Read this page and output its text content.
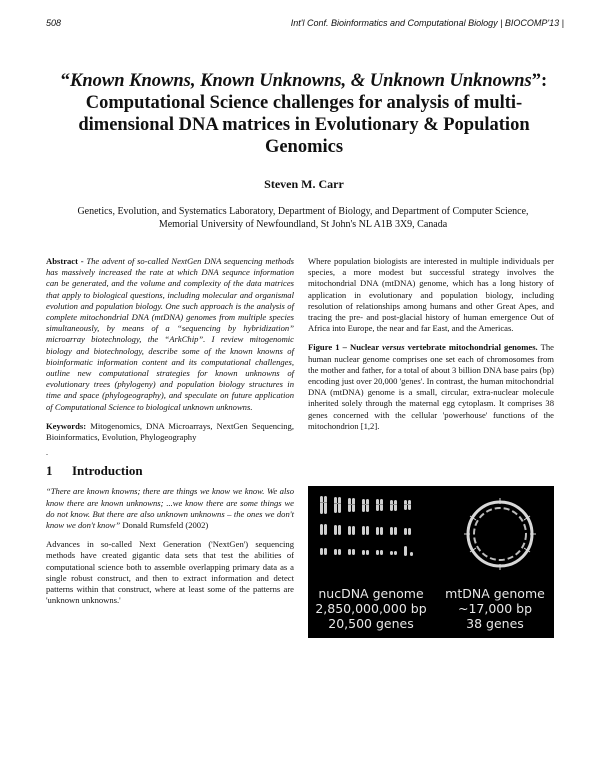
508	Int'l Conf. Bioinformatics and Computational Biology | BIOCOMP'13 |
“Known Knowns, Known Unknowns, & Unknown Unknowns”: Computational Science challenges for analysis of multi-dimensional DNA matrices in Evolutionary & Population Genomics
Steven M. Carr
Genetics, Evolution, and Systematics Laboratory, Department of Biology, and Department of Computer Science, Memorial University of Newfoundland, St John's NL A1B 3X9, Canada
Abstract - The advent of so-called NextGen DNA sequencing methods has massively increased the rate at which DNA sequnce information can be generated, and the volume and complexity of the data matrices that apply to biological questions, including molecular and organismal evolution and population biology. One such approach is the analysis of complete mitochondrial DNA (mtDNA) genomes from multiple species simultaneously, by means of a “sequencing by hybridization” microarray biotechnology, the “ArkChip”. I review mitogenomic biology and biotechnology, describe some of the known knowns of bioinformatic information content and its computational challenges, outline new computational strategies for known unknowns of evolutionary trees (phylogeny) and population biology structures in time and space (phylogeography), and speculate on future application of Computational Science to biological unknown unknowns.
Keywords: Mitogenomics, DNA Microarrays, NextGen Sequencing, Bioinformatics, Evolution, Phylogeography
.
1 Introduction
“There are known knowns; there are things we know we know. We also know there are known unknowns; ...we know there are some things we do not know. But there are also unknown unknowns – the ones we don't know we don't know” Donald Rumsfeld (2002)
Advances in so-called Next Generation ('NextGen') sequencing methods have created gigantic data sets that test the abilities of computational science both to assemble overlapping primary data as a single robust construct, and then to extract information and detect patterns within that construct, where at least some of the patterns are 'unknown unknowns.'
Where population biologists are interested in multiple individuals per species, a more modest but successful strategy involves the mitochondrial DNA (mtDNA) genome, which has a long history of application in evolutionary and population biology, including resolution of relationships among humans and other Great Apes, and tracing the pre- and post-glacial history of human emergence Out of Africa into Europe, the near and far East, and the Americas.
Figure 1 – Nuclear versus vertebrate mitochondrial genomes. The human nuclear genome comprises one set each of chromosomes from the mother and father, for a total of about 3 billion DNA base pairs (bp) encoding just over 20,000 'genes'. In contrast, the human mitochondrial DNA (mtDNA) genome is a small, circular, extra-nuclear molecule inherited solely through the maternal egg cytoplasm. It comprises 38 genes concerned with the cellular 'powerhouse' functions of the mitochondrion [1,2].
nucDNA genome
2,850,000,000 bp
20,500 genes
mtDNA genome
~17,000 bp
38 genes
